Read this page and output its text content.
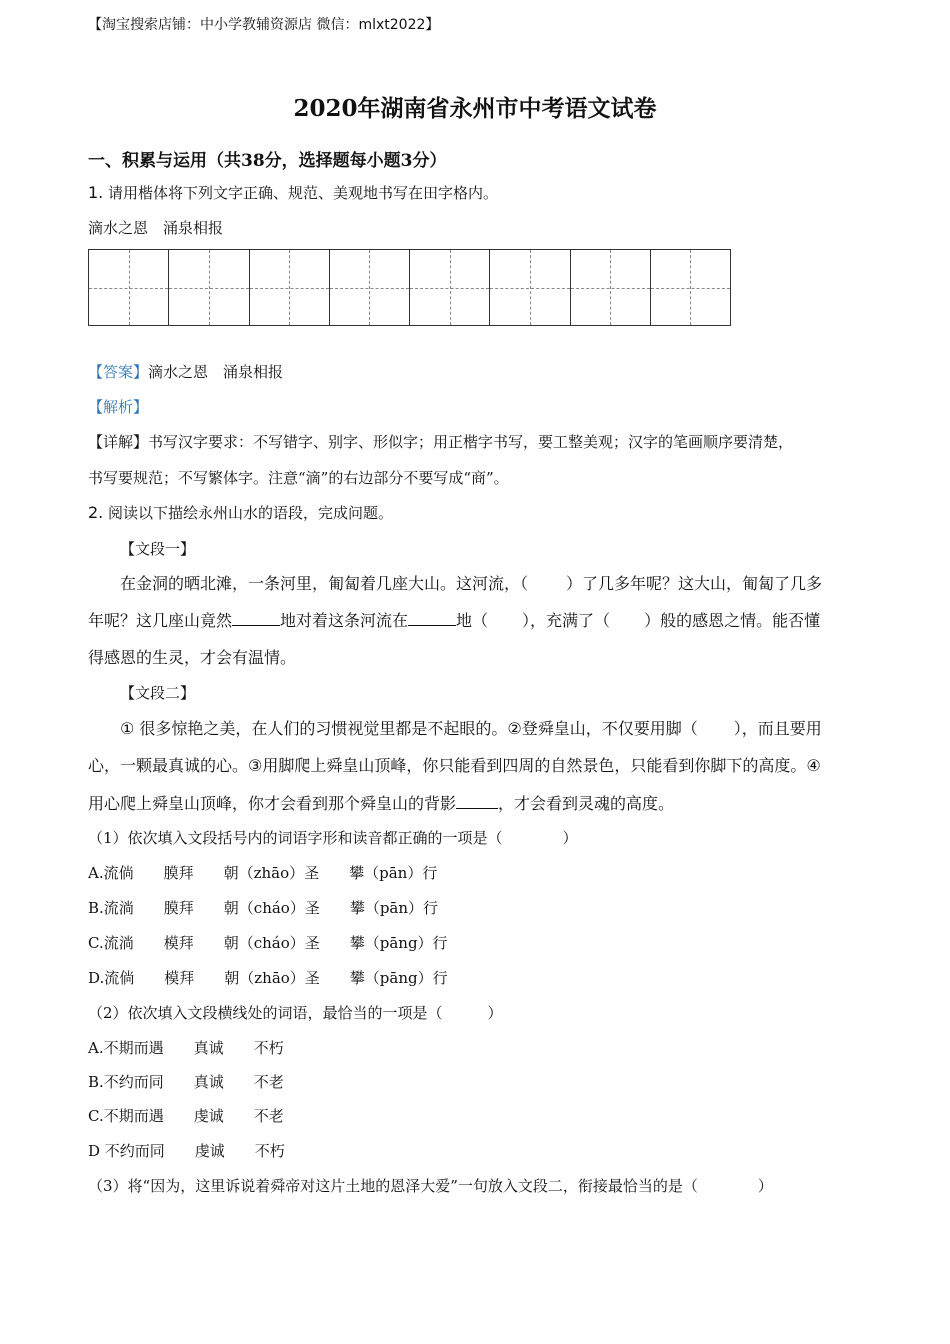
【淘宝搜索店铺：中小学教辅资源店 微信：mlxt2022】
2020年湖南省永州市中考语文试卷
一、积累与运用（共38分，选择题每小题3分）
1. 请用楷体将下列文字正确、规范、美观地书写在田字格内。
滴水之恩　涌泉相报
【答案】滴水之恩　涌泉相报
【解析】
【详解】书写汉字要求：不写错字、别字、形似字；用正楷字书写，要工整美观；汉字的笔画顺序要清楚，
书写要规范；不写繁体字。注意“滴”的右边部分不要写成“商”。
2. 阅读以下描绘永州山水的语段，完成问题。
【文段一】
在金洞的晒北滩，一条河里，匍匐着几座大山。这河流，（ ）了几多年呢？这大山，匍匐了几多
年呢？这几座山竟然	地对着这条河流在	地（ ），充满了（ ）般的感恩之情。能否懂
得感恩的生灵，才会有温情。
【文段二】
① 很多惊艳之美，在人们的习惯视觉里都是不起眼的。②登舜皇山，不仅要用脚（ ），而且要用
心，一颗最真诚的心。③用脚爬上舜皇山顶峰，你只能看到四周的自然景色，只能看到你脚下的高度。④
用心爬上舜皇山顶峰，你才会看到那个舜皇山的背影	，才会看到灵魂的高度。
（1）依次填入文段括号内的词语字形和读音都正确的一项是（　　　　）
A.流倘　　膜拜　　朝（zhāo）圣　　攀（pān）行
B.流淌　　膜拜　　朝（cháo）圣　　攀（pān）行
C.流淌　　模拜　　朝（cháo）圣　　攀（pāng）行
D.流倘　　模拜　　朝（zhāo）圣　　攀（pāng）行
（2）依次填入文段横线处的词语，最恰当的一项是（　　　）
A.不期而遇　　真诚　　不朽
B.不约而同　　真诚　　不老
C.不期而遇　　虔诚　　不老
D 不约而同　　虔诚　　不朽
（3）将“因为，这里诉说着舜帝对这片土地的恩泽大爱”一句放入文段二，衔接最恰当的是（　　　　）
